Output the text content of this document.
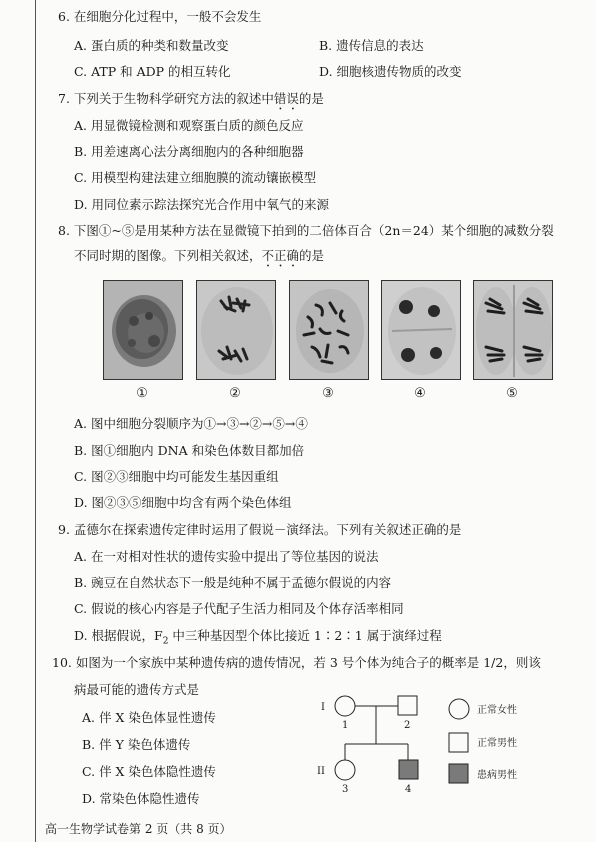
6. 在细胞分化过程中，一般不会发生
A. 蛋白质的种类和数量改变	B. 遗传信息的表达
C. ATP 和 ADP 的相互转化	D. 细胞核遗传物质的改变
7. 下列关于生物科学研究方法的叙述中错误的是
A. 用显微镜检测和观察蛋白质的颜色反应
B. 用差速离心法分离细胞内的各种细胞器
C. 用模型构建法建立细胞膜的流动镶嵌模型
D. 用同位素示踪法探究光合作用中氧气的来源
8. 下图①~⑤是用某种方法在显微镜下拍到的二倍体百合（2n＝24）某个细胞的减数分裂
不同时期的图像。下列相关叙述，不正确的是
①	②	③	④	⑤
A. 图中细胞分裂顺序为①→③→②→⑤→④
B. 图①细胞内 DNA 和染色体数目都加倍
C. 图②③细胞中均可能发生基因重组
D. 图②③⑤细胞中均含有两个染色体组
9. 孟德尔在探索遗传定律时运用了假说－演绎法。下列有关叙述正确的是
A. 在一对相对性状的遗传实验中提出了等位基因的说法
B. 豌豆在自然状态下一般是纯种不属于孟德尔假说的内容
C. 假说的核心内容是子代配子生活力相同及个体存活率相同
D. 根据假说，$F_2$ 中三种基因型个体比接近 1∶2∶1 属于演绎过程
10. 如图为一个家族中某种遗传病的遗传情况，若 3 号个体为纯合子的概率是 1/2，则该
病最可能的遗传方式是
A. 伴 X 染色体显性遗传
B. 伴 Y 染色体遗传
C. 伴 X 染色体隐性遗传
D. 常染色体隐性遗传
I
1	2
II
3	4
正常女性
正常男性
患病男性
高一生物学试卷第 2 页（共 8 页）
